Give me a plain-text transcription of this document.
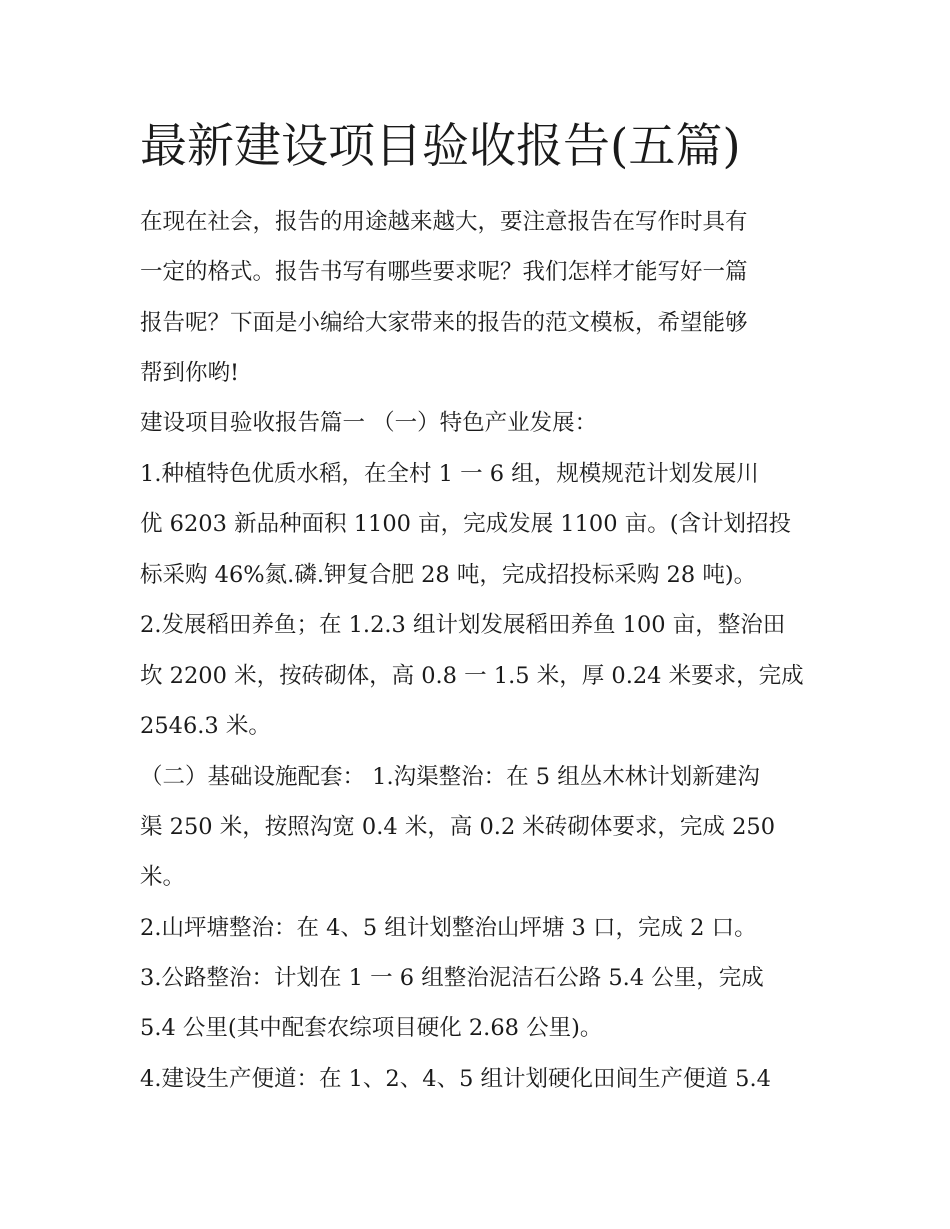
最新建设项目验收报告(五篇)

在现在社会，报告的用途越来越大，要注意报告在写作时具有

一定的格式。报告书写有哪些要求呢？我们怎样才能写好一篇

报告呢？下面是小编给大家带来的报告的范文模板，希望能够

帮到你哟!

建设项目验收报告篇一 （一）特色产业发展：

1.种植特色优质水稻，在全村 1 一 6 组，规模规范计划发展川

优 6203 新品种面积 1100 亩，完成发展 1100 亩。(含计划招投

标采购 46%氮.磷.钾复合肥 28 吨，完成招投标采购 28 吨)。

2.发展稻田养鱼；在 1.2.3 组计划发展稻田养鱼 100 亩，整治田

坎 2200 米，按砖砌体，高 0.8 一 1.5 米，厚 0.24 米要求，完成

2546.3 米。

（二）基础设施配套： 1.沟渠整治：在 5 组丛木林计划新建沟

渠 250 米，按照沟宽 0.4 米，高 0.2 米砖砌体要求，完成 250

米。

2.山坪塘整治：在 4、5 组计划整治山坪塘 3 口，完成 2 口。

3.公路整治：计划在 1 一 6 组整治泥洁石公路 5.4 公里，完成

5.4 公里(其中配套农综项目硬化 2.68 公里)。

4.建设生产便道：在 1、2、4、5 组计划硬化田间生产便道 5.4
